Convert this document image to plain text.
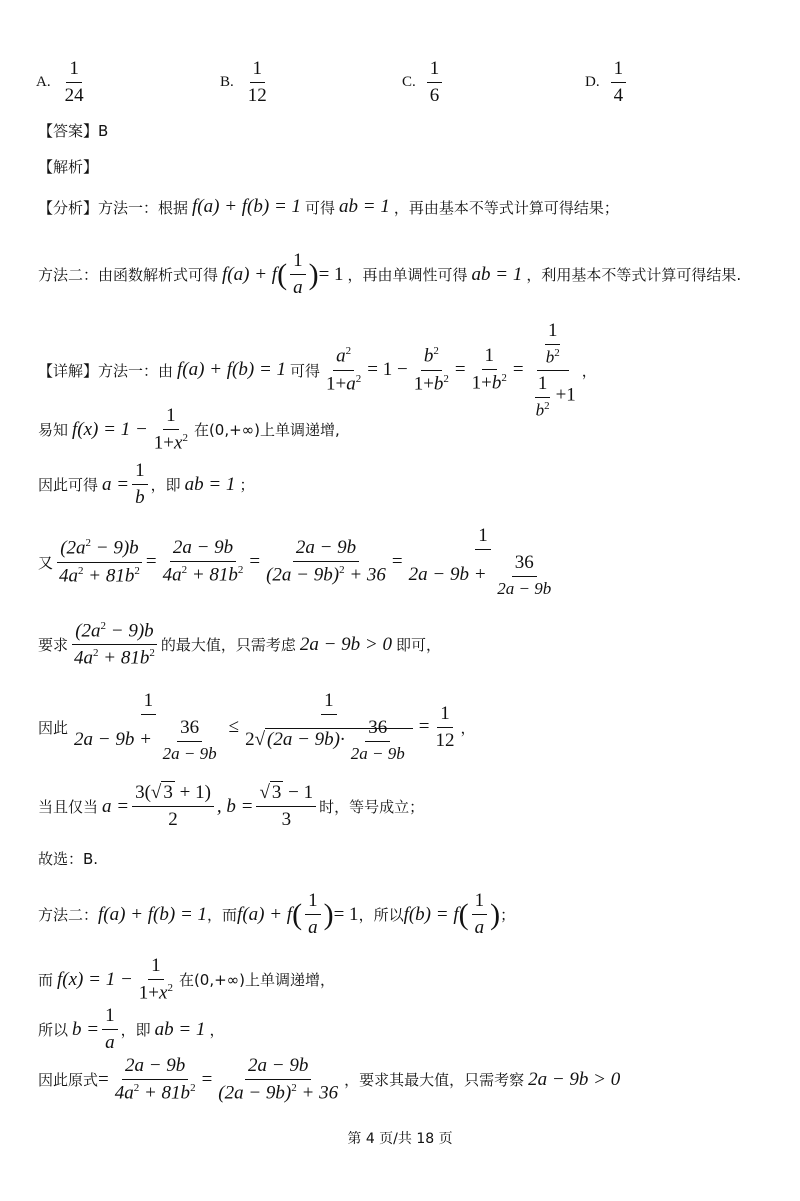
A. $\frac{1}{24}$	B. $\frac{1}{12}$	C. $\frac{1}{6}$	D. $\frac{1}{4}$
【答案】B
【解析】
【分析】方法一：根据 f(a) + f(b) = 1 可得 ab = 1 ，再由基本不等式计算可得结果；
方法二：由函数解析式可得 f(a) + f ( $\frac{1}{a}$ ) = 1 ，再由单调性可得 ab = 1 ，利用基本不等式计算可得结果.
【详解】方法一：由 f(a) + f(b) = 1 可得 $\frac{a^2}{1+a^2} = 1 - \frac{b^2}{1+b^2} = \frac{1}{1+b^2} = \frac{\frac{1}{b^2}}{\frac{1}{b^2} +1}$ ，
易知 $f(x) = 1 - \frac{1}{1+x^2}$ 在(0,+∞)上单调递增,
因此可得 $a = \frac{1}{b}$ ，即 ab = 1 ；
又 $\frac{(2a^2 - 9)b}{4a^2 + 81b^2} = \frac{2a - 9b}{4a^2 + 81b^2} = \frac{2a - 9b}{(2a - 9b)^2 + 36} = \frac{1}{2a - 9b + \frac{36}{2a - 9b}}$
要求 $\frac{(2a^2 - 9)b}{4a^2 + 81b^2}$ 的最大值，只需考虑 2a − 9b > 0 即可，
因此 $\frac{1}{2a - 9b + \frac{36}{2a - 9b}} \le \frac{1}{2√ (2a - 9b)\cdot \frac{36}{2a - 9b}} = \frac{1}{12}$ ，
当且仅当 $a = \frac{3(√ 3 + 1)}{2}$ , $b = \frac{√ 3 - 1}{3}$ 时，等号成立；
故选：B.
方法二： f(a) + f(b) = 1 ，而 f(a) + f ( $\frac{1}{a}$ ) = 1 ，所以 f(b) = f ( $\frac{1}{a}$ ) ；
而 $f(x) = 1 - \frac{1}{1+x^2}$ 在(0,+∞)上单调递增，
所以 $b = \frac{1}{a}$ ，即 ab = 1 ，
因此原式 = $\frac{2a - 9b}{4a^2 + 81b^2} = \frac{2a - 9b}{(2a - 9b)^2 + 36}$ ，要求其最大值，只需考察 2a − 9b > 0
第 4 页/共 18 页
